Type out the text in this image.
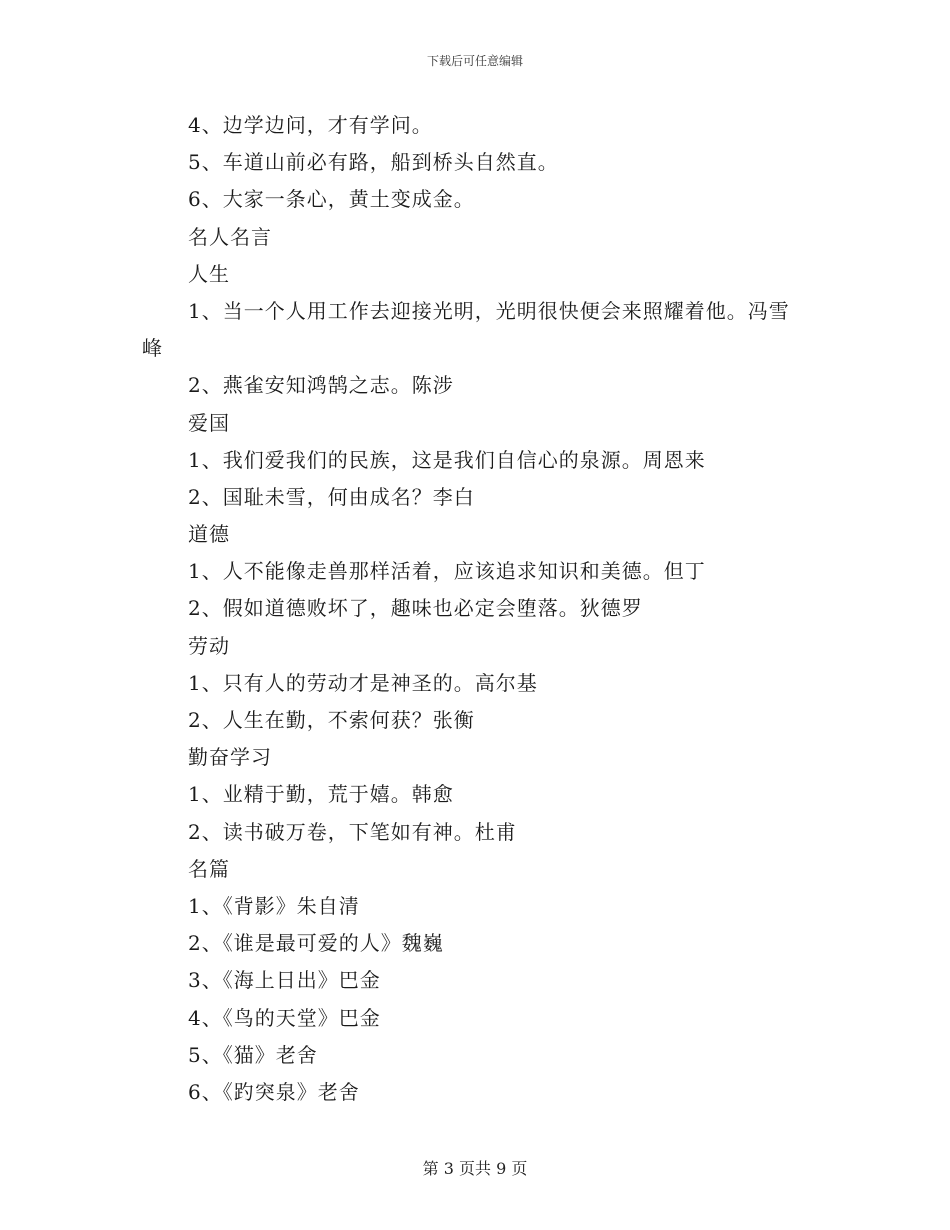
下载后可任意编辑
4、边学边问，才有学问。
5、车道山前必有路，船到桥头自然直。
6、大家一条心，黄土变成金。
名人名言
人生
1、当一个人用工作去迎接光明，光明很快便会来照耀着他。冯雪
峰
2、燕雀安知鸿鹄之志。陈涉
爱国
1、我们爱我们的民族，这是我们自信心的泉源。周恩来
2、国耻未雪，何由成名？李白
道德
1、人不能像走兽那样活着，应该追求知识和美德。但丁
2、假如道德败坏了，趣味也必定会堕落。狄德罗
劳动
1、只有人的劳动才是神圣的。高尔基
2、人生在勤，不索何获？张衡
勤奋学习
1、业精于勤，荒于嬉。韩愈
2、读书破万卷，下笔如有神。杜甫
名篇
1、《背影》朱自清
2、《谁是最可爱的人》魏巍
3、《海上日出》巴金
4、《鸟的天堂》巴金
5、《猫》老舍
6、《趵突泉》老舍
第 3 页共 9 页
